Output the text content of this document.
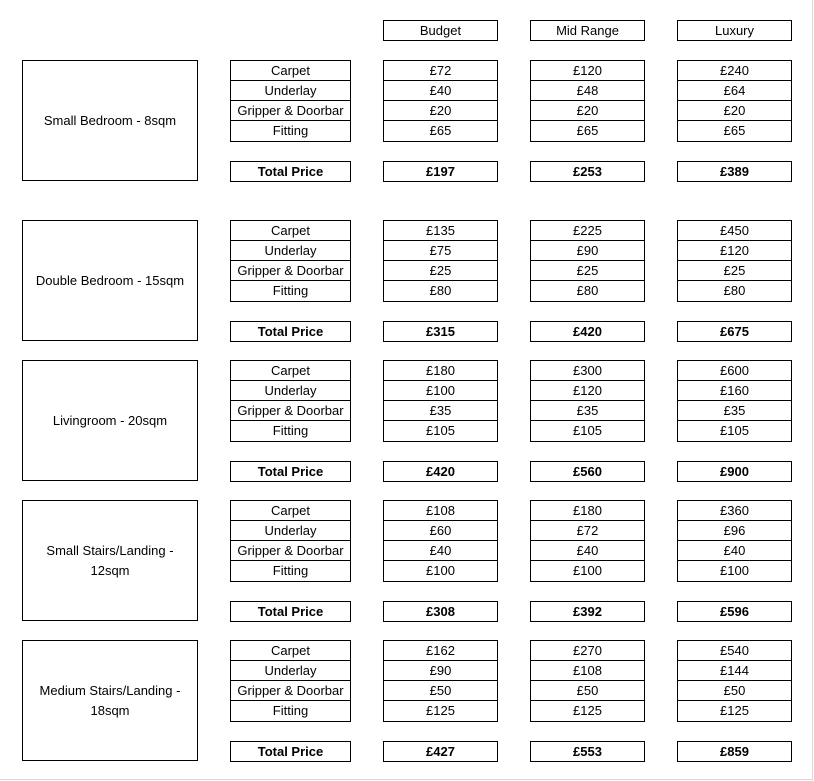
Budget	Mid Range	Luxury
Small Bedroom - 8sqm
Carpet
Underlay
Gripper & Doorbar
Fitting
Total Price
£72
£40
£20
£65
£197
£120
£48
£20
£65
£253
£240
£64
£20
£65
£389
Double Bedroom - 15sqm
Carpet
Underlay
Gripper & Doorbar
Fitting
Total Price
£135
£75
£25
£80
£315
£225
£90
£25
£80
£420
£450
£120
£25
£80
£675
Livingroom - 20sqm
Carpet
Underlay
Gripper & Doorbar
Fitting
Total Price
£180
£100
£35
£105
£420
£300
£120
£35
£105
£560
£600
£160
£35
£105
£900
Small Stairs/Landing - 12sqm
Carpet
Underlay
Gripper & Doorbar
Fitting
Total Price
£108
£60
£40
£100
£308
£180
£72
£40
£100
£392
£360
£96
£40
£100
£596
Medium Stairs/Landing - 18sqm
Carpet
Underlay
Gripper & Doorbar
Fitting
Total Price
£162
£90
£50
£125
£427
£270
£108
£50
£125
£553
£540
£144
£50
£125
£859
